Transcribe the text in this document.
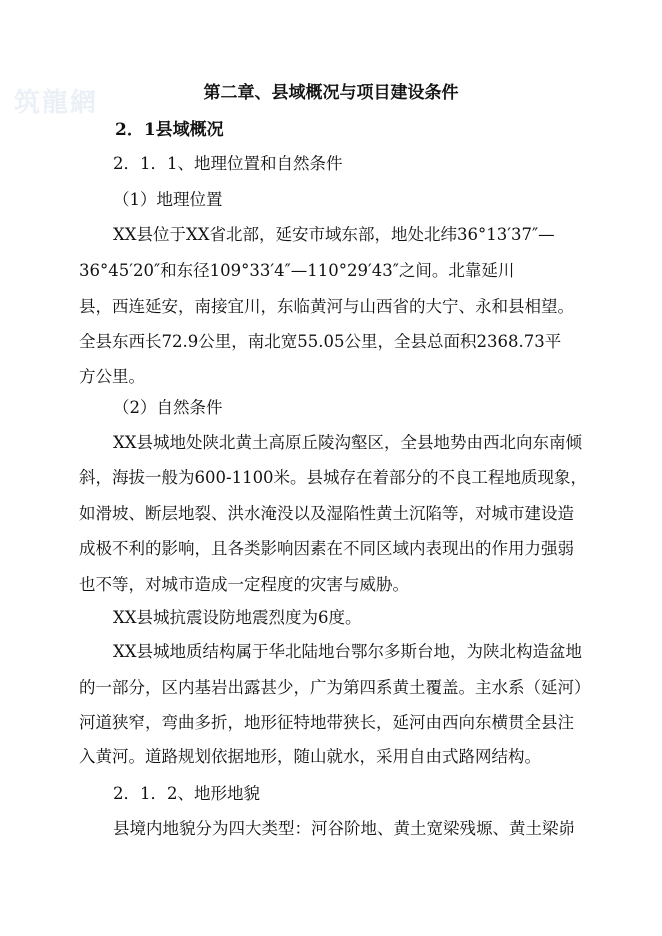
筑龍網	第二章、县域概况与项目建设条件
2．1县域概况
2．1．1、地理位置和自然条件
（1）地理位置
XX县位于XX省北部，延安市域东部，地处北纬36°13′37″—
36°45′20″和东径109°33′4″—110°29′43″之间。北靠延川
县，西连延安，南接宜川，东临黄河与山西省的大宁、永和县相望。
全县东西长72.9公里，南北宽55.05公里，全县总面积2368.73平
方公里。
（2）自然条件
XX县城地处陕北黄土高原丘陵沟壑区，全县地势由西北向东南倾
斜，海拔一般为600-1100米。县城存在着部分的不良工程地质现象，
如滑坡、断层地裂、洪水淹没以及湿陷性黄土沉陷等，对城市建设造
成极不利的影响，且各类影响因素在不同区域内表现出的作用力强弱
也不等，对城市造成一定程度的灾害与威胁。
XX县城抗震设防地震烈度为6度。
XX县城地质结构属于华北陆地台鄂尔多斯台地，为陕北构造盆地
的一部分，区内基岩出露甚少，广为第四系黄土覆盖。主水系（延河）
河道狭窄，弯曲多折，地形征特地带狭长，延河由西向东横贯全县注
入黄河。道路规划依据地形，随山就水，采用自由式路网结构。
2．1．2、地形地貌
县境内地貌分为四大类型：河谷阶地、黄土宽梁残塬、黄土梁峁
